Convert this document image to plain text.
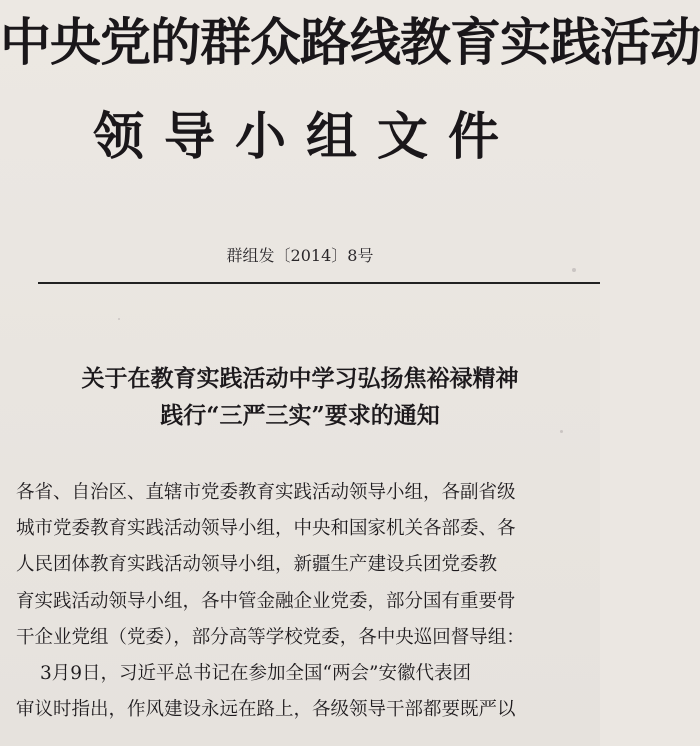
中央党的群众路线教育实践活动
领导小组文件
群组发〔2014〕8号
关于在教育实践活动中学习弘扬焦裕禄精神
践行“三严三实”要求的通知
各省、自治区、直辖市党委教育实践活动领导小组，各副省级
城市党委教育实践活动领导小组，中央和国家机关各部委、各
人民团体教育实践活动领导小组，新疆生产建设兵团党委教
育实践活动领导小组，各中管金融企业党委，部分国有重要骨
干企业党组（党委），部分高等学校党委，各中央巡回督导组：
3月9日，习近平总书记在参加全国“两会”安徽代表团
审议时指出，作风建设永远在路上，各级领导干部都要既严以
